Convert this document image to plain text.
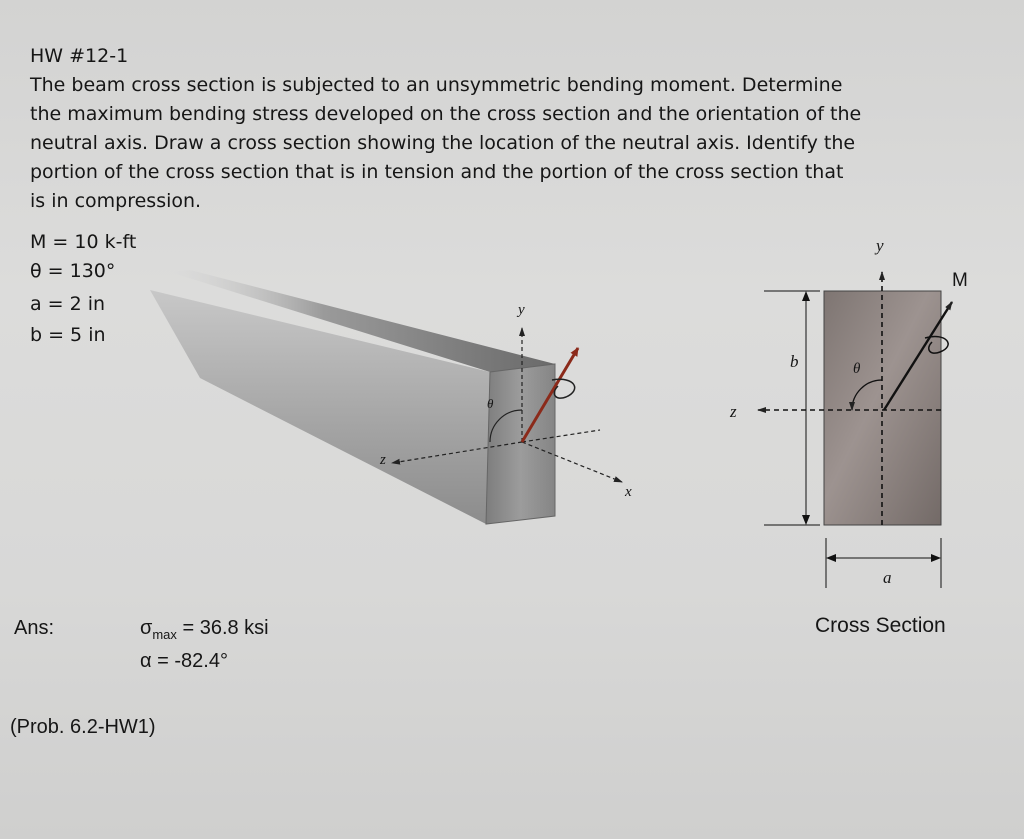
HW #12-1

The beam cross section is subjected to an unsymmetric bending moment. Determine

the maximum bending stress developed on the cross section and the orientation of the

neutral axis. Draw a cross section showing the location of the neutral axis. Identify the

portion of the cross section that is in tension and the portion of the cross section that

is in compression.

M = 10 k-ft
θ = 130°
a = 2 in
b = 5 in
y
z
x
θ
y
M
b
z
θ
a
Cross Section
Ans:	$\sigma_{max} = 36.8$ ksi
α = -82.4°
(Prob. 6.2-HW1)
